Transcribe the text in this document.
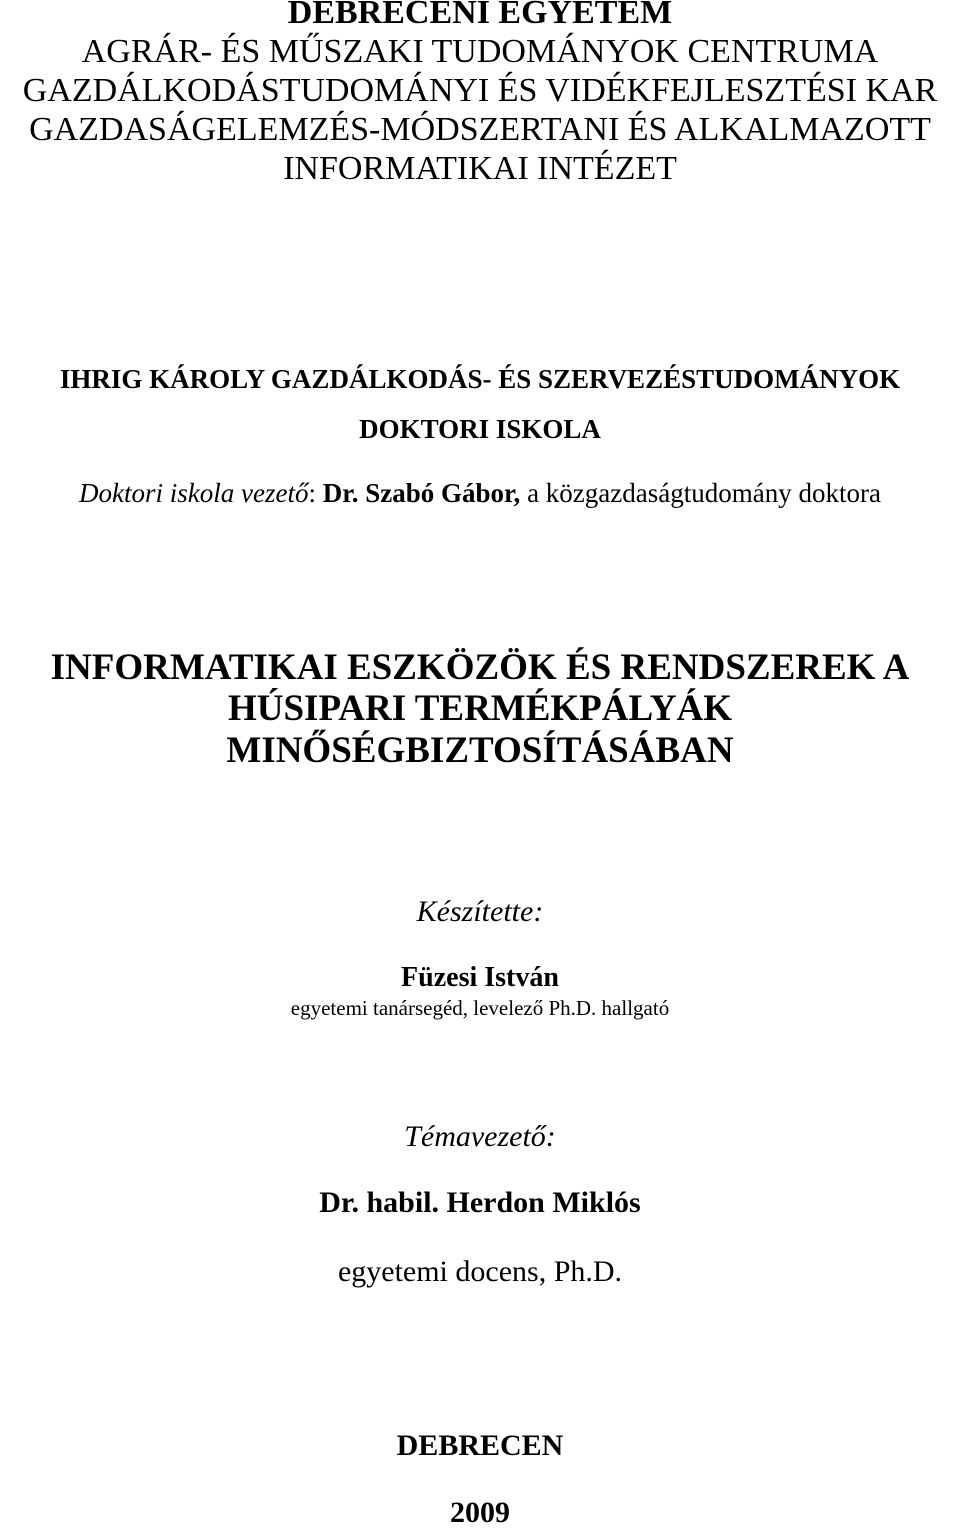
DEBRECENI EGYETEM
AGRÁR- ÉS MŰSZAKI TUDOMÁNYOK CENTRUMA
GAZDÁLKODÁSTUDOMÁNYI ÉS VIDÉKFEJLESZTÉSI KAR
GAZDASÁGELEMZÉS-MÓDSZERTANI ÉS ALKALMAZOTT
INFORMATIKAI INTÉZET
IHRIG KÁROLY GAZDÁLKODÁS- ÉS SZERVEZÉSTUDOMÁNYOK
DOKTORI ISKOLA
Doktori iskola vezető: Dr. Szabó Gábor, a közgazdaságtudomány doktora
INFORMATIKAI ESZKÖZÖK ÉS RENDSZEREK A
HÚSIPARI TERMÉKPÁLYÁK
MINŐSÉGBIZTOSÍTÁSÁBAN
Készítette:
Füzesi István
egyetemi tanársegéd, levelező Ph.D. hallgató
Témavezető:
Dr. habil. Herdon Miklós
egyetemi docens, Ph.D.
DEBRECEN
2009
